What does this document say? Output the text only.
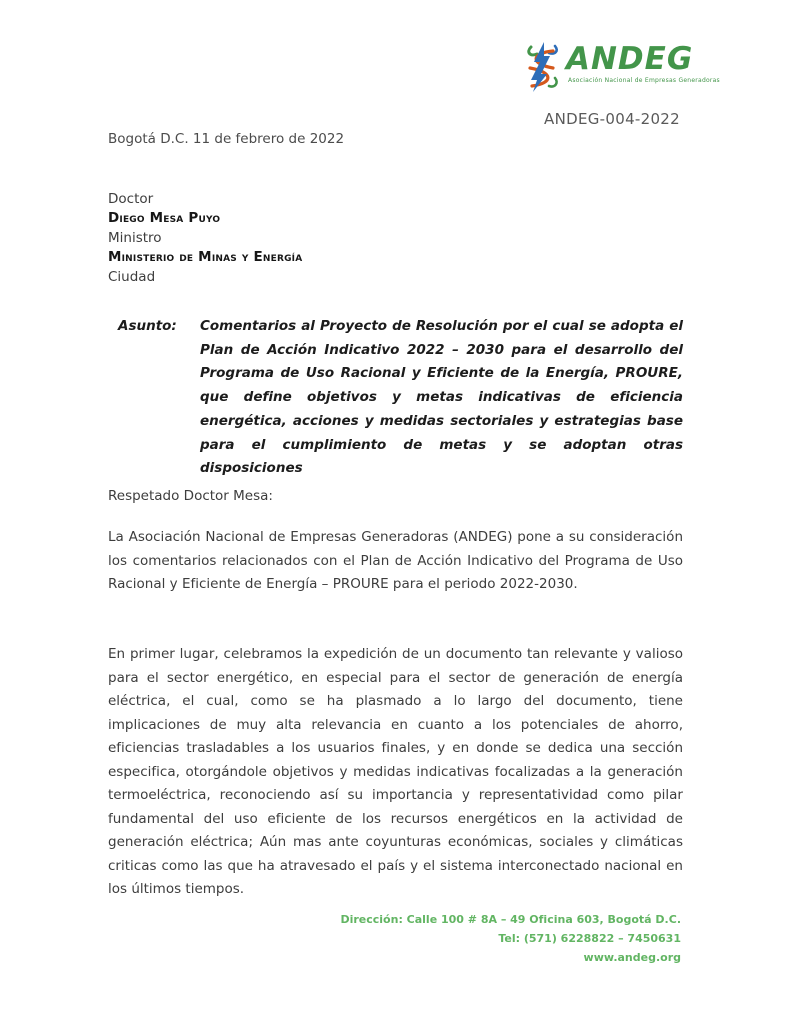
ANDEG
Asociación Nacional de Empresas Generadoras
ANDEG-004-2022
Bogotá D.C. 11 de febrero de 2022
Doctor
Diego Mesa Puyo
Ministro
Ministerio de Minas y Energía
Ciudad
Asunto:	Comentarios al Proyecto de Resolución por el cual se adopta el Plan de Acción Indicativo 2022 – 2030 para el desarrollo del Programa de Uso Racional y Eficiente de la Energía, PROURE, que define objetivos y metas indicativas de eficiencia energética, acciones y medidas sectoriales y estrategias base para el cumplimiento de metas y se adoptan otras disposiciones
Respetado Doctor Mesa:

La Asociación Nacional de Empresas Generadoras (ANDEG) pone a su consideración los comentarios relacionados con el Plan de Acción Indicativo del Programa de Uso Racional y Eficiente de Energía – PROURE para el periodo 2022-2030.

En primer lugar, celebramos la expedición de un documento tan relevante y valioso para el sector energético, en especial para el sector de generación de energía eléctrica, el cual, como se ha plasmado a lo largo del documento, tiene implicaciones de muy alta relevancia en cuanto a los potenciales de ahorro, eficiencias trasladables a los usuarios finales, y en donde se dedica una sección especifica, otorgándole objetivos y medidas indicativas focalizadas a la generación termoeléctrica, reconociendo así su importancia y representatividad como pilar fundamental del uso eficiente de los recursos energéticos en la actividad de generación eléctrica; Aún mas ante coyunturas económicas, sociales y climáticas criticas como las que ha atravesado el país y el sistema interconectado nacional en los últimos tiempos.

Dirección: Calle 100 # 8A – 49 Oficina 603, Bogotá D.C.
Tel: (571) 6228822 – 7450631
www.andeg.org
